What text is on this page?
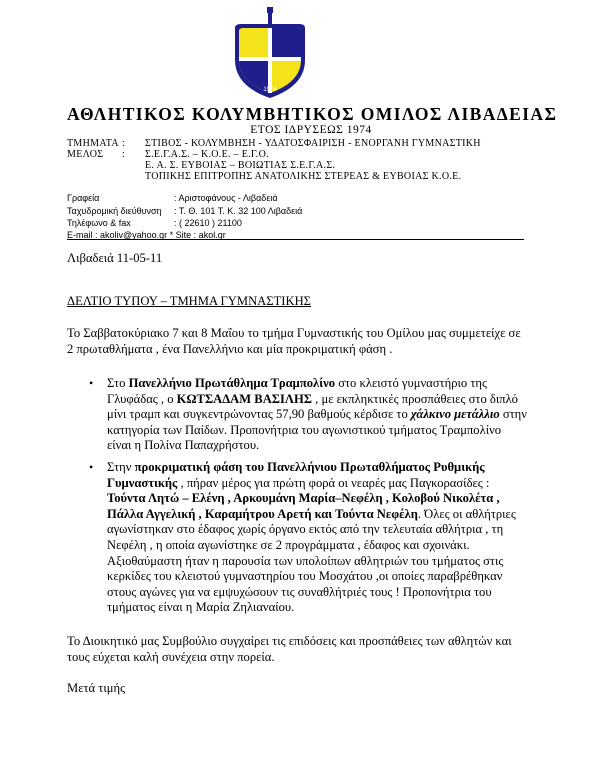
1974
ΑΘΛΗΤΙΚΟΣ ΚΟΛΥΜΒΗΤΙΚΟΣ ΟΜΙΛΟΣ ΛΙΒΑΔΕΙΑΣ
ΕΤΟΣ ΙΔΡΥΣΕΩΣ 1974
ΤΜΗΜΑΤΑ : ΣΤΙΒΟΣ - ΚΟΛΥΜΒΗΣΗ - ΥΔΑΤΟΣΦΑΙΡΙΣΗ - ΕΝΟΡΓΑΝΗ ΓΥΜΝΑΣΤΙΚΗ
ΜΕΛΟΣ : Σ.Ε.Γ.Α.Σ. – Κ.Ο.Ε. – Ε.Γ.Ο.
Ε. Α. Σ. ΕΥΒΟΙΑΣ – ΒΟΙΩΤΙΑΣ Σ.Ε.Γ.Α.Σ.
ΤΟΠΙΚΗΣ ΕΠΙΤΡΟΠΗΣ ΑΝΑΤΟΛΙΚΗΣ ΣΤΕΡΕΑΣ & ΕΥΒΟΙΑΣ Κ.Ο.Ε.
Γραφεία	: Αριστοφάνους - Λιβαδειά
Ταχυδρομική διεύθυνση : Τ. Θ. 101 Τ. Κ. 32 100 Λιβαδειά
Τηλέφωνο & fax	: ( 22610 ) 21100
E-mail : akoliv@yahoo.gr * Site : akol.gr
Λιβαδειά 11-05-11
ΔΕΛΤΙΟ ΤΥΠΟΥ – ΤΜΗΜΑ ΓΥΜΝΑΣΤΙΚΗΣ
Το Σαββατοκύριακο 7 και 8 Μαΐου το τμήμα Γυμναστικής του Ομίλου μας συμμετείχε σε 2 πρωταθλήματα , ένα Πανελλήνιο και μία προκριματική φάση .
• Στο Πανελλήνιο Πρωτάθλημα Τραμπολίνο στο κλειστό γυμναστήριο της Γλυφάδας , ο ΚΩΤΣΑΔΑΜ ΒΑΣΙΛΗΣ , με εκπληκτικές προσπάθειες στο διπλό μίνι τραμπ και συγκεντρώνοντας 57,90 βαθμούς κέρδισε το χάλκινο μετάλλιο στην κατηγορία των Παίδων. Προπονήτρια του αγωνιστικού τμήματος Τραμπολίνο είναι η Πολίνα Παπαχρήστου.
• Στην προκριματική φάση του Πανελλήνιου Πρωταθλήματος Ρυθμικής Γυμναστικής , πήραν μέρος για πρώτη φορά οι νεαρές μας Παγκορασίδες : Τούντα Λητώ – Ελένη , Αρκουμάνη Μαρία–Νεφέλη , Κολοβού Νικολέτα , Πάλλα Αγγελική , Καραμήτρου Αρετή και Τούντα Νεφέλη. Όλες οι αθλήτριες αγωνίστηκαν στο έδαφος χωρίς όργανο εκτός από την τελευταία αθλήτρια , τη Νεφέλη , η οποία αγωνίστηκε σε 2 προγράμματα , έδαφος και σχοινάκι. Αξιοθαύμαστη ήταν η παρουσία των υπολοίπων αθλητριών του τμήματος στις κερκίδες του κλειστού γυμναστηρίου του Μοσχάτου ,οι οποίες παραβρέθηκαν στους αγώνες για να εμψυχώσουν τις συναθλήτριές τους ! Προπονήτρια του τμήματος είναι η Μαρία Ζηλιαναίου.
Το Διοικητικό μας Συμβούλιο συγχαίρει τις επιδόσεις και προσπάθειες των αθλητών και τους εύχεται καλή συνέχεια στην πορεία.
Μετά τιμής
